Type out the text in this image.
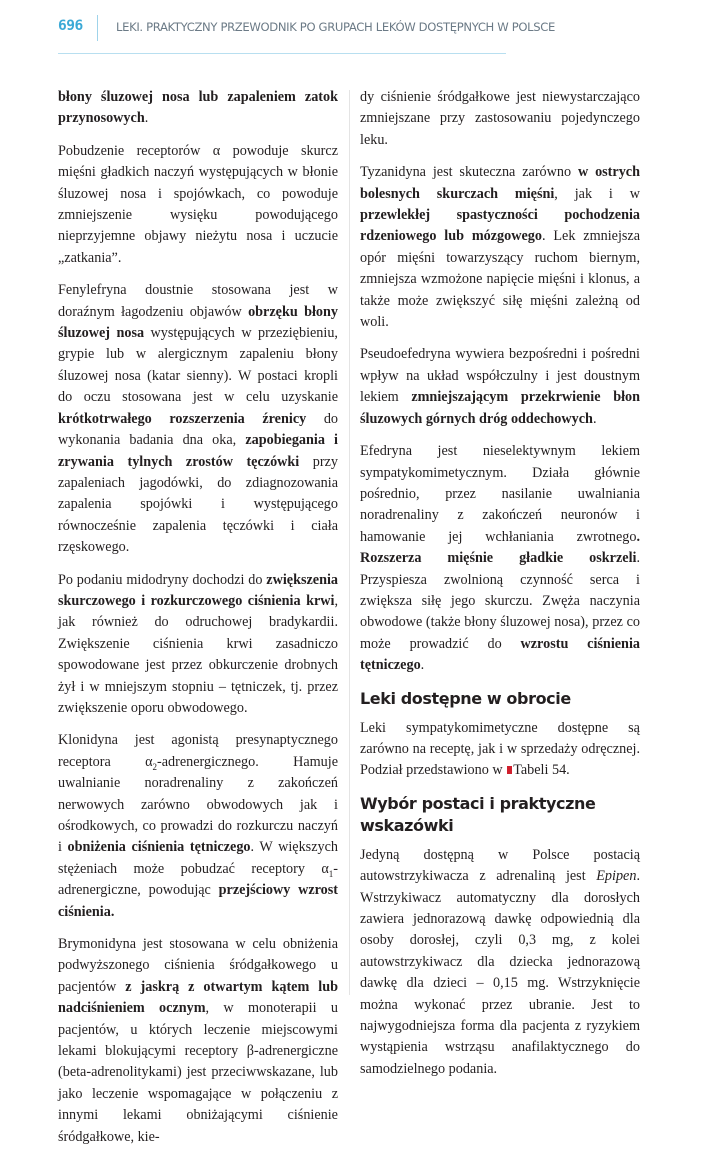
696	LEKI. PRAKTYCZNY PRZEWODNIK PO GRUPACH LEKÓW DOSTĘPNYCH W POLSCE

błony śluzowej nosa lub zapaleniem zatok przynosowych.

Pobudzenie receptorów α powoduje skurcz mięśni gładkich naczyń występujących w błonie śluzowej nosa i spojówkach, co powoduje zmniejszenie wysięku powodującego nieprzyjemne objawy nieżytu nosa i uczucie „zatkania”.

Fenylefryna doustnie stosowana jest w doraźnym łagodzeniu objawów obrzęku błony śluzowej nosa występujących w przeziębieniu, grypie lub w alergicznym zapaleniu błony śluzowej nosa (katar sienny). W postaci kropli do oczu stosowana jest w celu uzyskanie krótkotrwałego rozszerzenia źrenicy do wykonania badania dna oka, zapobiegania i zrywania tylnych zrostów tęczówki przy zapaleniach jagodówki, do zdiagnozowania zapalenia spojówki i występującego równocześnie zapalenia tęczówki i ciała rzęskowego.

Po podaniu midodryny dochodzi do zwiększenia skurczowego i rozkurczowego ciśnienia krwi, jak również do odruchowej bradykardii. Zwiększenie ciśnienia krwi zasadniczo spowodowane jest przez obkurczenie drobnych żył i w mniejszym stopniu – tętniczek, tj. przez zwiększenie oporu obwodowego.

Klonidyna jest agonistą presynaptycznego receptora $\alpha_2$-adrenergicznego. Hamuje uwalnianie noradrenaliny z zakończeń nerwowych zarówno obwodowych jak i ośrodkowych, co prowadzi do rozkurczu naczyń i obniżenia ciśnienia tętniczego. W większych stężeniach może pobudzać receptory $\alpha_1$-adrenergiczne, powodując przejściowy wzrost ciśnienia.

Brymonidyna jest stosowana w celu obniżenia podwyższonego ciśnienia śródgałkowego u pacjentów z jaskrą z otwartym kątem lub nadciśnieniem ocznym, w monoterapii u pacjentów, u których leczenie miejscowymi lekami blokującymi receptory β-adrenergiczne (beta-adrenolitykami) jest przeciwwskazane, lub jako leczenie wspomagające w połączeniu z innymi lekami obniżającymi ciśnienie śródgałkowe, kie-

dy ciśnienie śródgałkowe jest niewystarczająco zmniejszane przy zastosowaniu pojedynczego leku.

Tyzanidyna jest skuteczna zarówno w ostrych bolesnych skurczach mięśni, jak i w przewlekłej spastyczności pochodzenia rdzeniowego lub mózgowego. Lek zmniejsza opór mięśni towarzyszący ruchom biernym, zmniejsza wzmożone napięcie mięśni i klonus, a także może zwiększyć siłę mięśni zależną od woli.

Pseudoefedryna wywiera bezpośredni i pośredni wpływ na układ współczulny i jest doustnym lekiem zmniejszającym przekrwienie błon śluzowych górnych dróg oddechowych.

Efedryna jest nieselektywnym lekiem sympatykomimetycznym. Działa głównie pośrednio, przez nasilanie uwalniania noradrenaliny z zakończeń neuronów i hamowanie jej wchłaniania zwrotnego. Rozszerza mięśnie gładkie oskrzeli. Przyspiesza zwolnioną czynność serca i zwiększa siłę jego skurczu. Zwęża naczynia obwodowe (także błony śluzowej nosa), przez co może prowadzić do wzrostu ciśnienia tętniczego.

Leki dostępne w obrocie

Leki sympatykomimetyczne dostępne są zarówno na receptę, jak i w sprzedaży odręcznej. Podział przedstawiono w Tabeli 54.

Wybór postaci i praktyczne wskazówki

Jedyną dostępną w Polsce postacią autowstrzykiwacza z adrenaliną jest Epipen. Wstrzykiwacz automatyczny dla dorosłych zawiera jednorazową dawkę odpowiednią dla osoby dorosłej, czyli 0,3 mg, z kolei autowstrzykiwacz dla dziecka jednorazową dawkę dla dzieci – 0,15 mg. Wstrzyknięcie można wykonać przez ubranie. Jest to najwygodniejsza forma dla pacjenta z ryzykiem wystąpienia wstrząsu anafilaktycznego do samodzielnego podania.
